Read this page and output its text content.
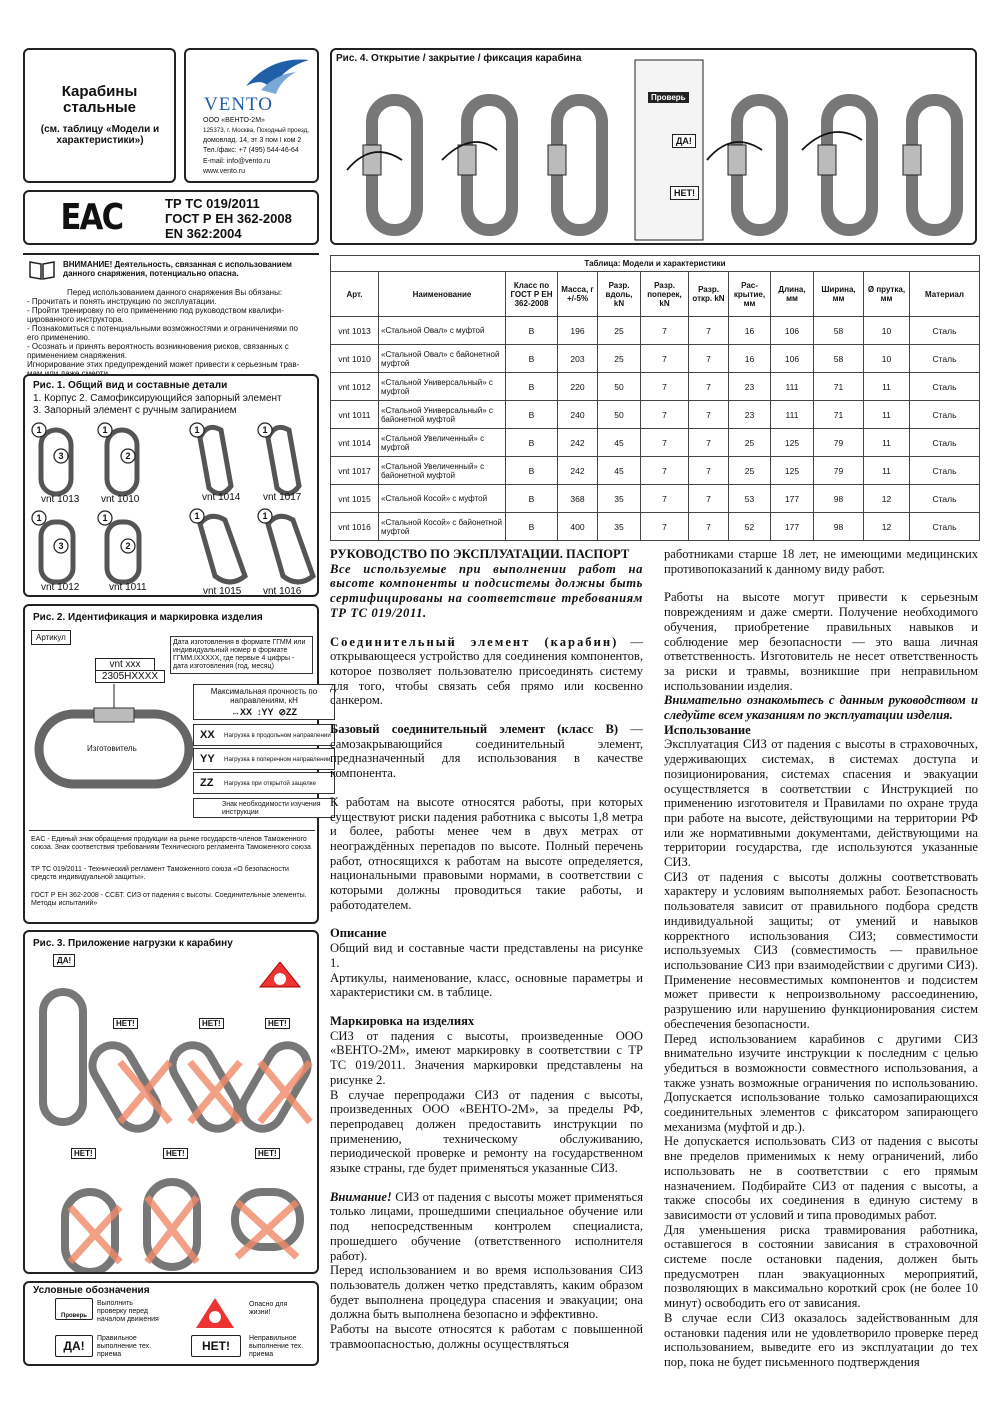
Карабины стальные
(см. таблицу «Модели и характеристики»)
VENTO
ООО «ВЕНТО-2М»
125373, г. Москва, Походный проезд,
домовлад. 14, эт 3 пом I ком 2
Тел./факс: +7 (495) 544-46-64
E-mail: info@vento.ru
www.vento.ru
EAC	ТР ТС 019/2011
ГОСТ Р ЕН 362-2008
EN 362:2004
ВНИМАНИЕ! Деятельность, связанная с использованием данного снаряжения, потенциально опасна.
Перед использованием данного снаряжения Вы обязаны:
- Прочитать и понять инструкцию по эксплуатации.
- Пройти тренировку по его применению под руководством квалифи-
цированного инструктора.
- Познакомиться с потенциальными возможностями и ограничениями по
его применению.
- Осознать и принять вероятность возникновения рисков, связанных с
применением снаряжения.
Игнорирование этих предупреждений может привести к серьезным трав-
Рис. 1. Общий вид и составные детали
1. Корпус 2. Самофиксирующийся запорный элемент
3. Запорный элемент с ручным запиранием
1
3
1
2
1	1
1
3
1
2
1	1
vnt 1013 vnt 1010	vnt 1014 vnt 1017
vnt 1012	vnt 1011	vnt 1015 vnt 1016
Рис. 2. Идентификация и маркировка изделия
Артикул
vnt xxx
2305HXXXX
Дата изготовления в формате ГГММ или индивидуальный номер в формате ГГММ.IXXXXX, где первые 4 цифры - дата изготовления (год, месяц)
Изготовитель
Максимальная прочность по направлениям, кН
↔XX  ↕YY  ⊘ZZ
XX Нагрузка в продольном направлении
YY Нагрузка в поперечном направлении
ZZ Нагрузка при открытой защелке
Знак необходимости изучения инструкции
EAC - Единый знак обращения продукции на рынке государств-членов Таможенного союза. Знак соответствия требованиям Технического регламента Таможенного союза
ТР ТС 019/2011 - Технический регламент Таможенного союза «О безопасности средств индивидуальной защиты».
ГОСТ Р ЕН 362-2008 - ССБТ. СИЗ от падения с высоты. Соединительные элементы. Методы испытаний»
Рис. 3. Приложение нагрузки к карабину
ДА!
НЕТ!	НЕТ!	НЕТ!
НЕТ!	НЕТ!	НЕТ!
Условные обозначения
Проверь
Выполнить проверку перед началом движения
Опасно для жизни!
ДА!
Правильное выполнение тех. приема
НЕТ!
Неправильное выполнение тех. приема
Рис. 4. Открытие / закрытие / фиксация карабина
Проверь
ДА!
НЕТ!
Таблица: Модели и характеристики											
Арт.	Наименование	Класс по ГОСТ Р ЕН 362-2008	Масса, г +/-5%	Разр. вдоль, kN	Разр. поперек, kN	Разр. откр. kN	Рас-крытие, мм	Длина, мм	Ширина, мм	Ø прутка, мм	Материал
vnt 1013	«Стальной Овал» с муфтой	B	196	25	7	7	16	106	58	10	Сталь
vnt 1010	«Стальной Овал» с байонетной муфтой	B	203	25	7	7	16	106	58	10	Сталь
vnt 1012	«Стальной Универсальный» с муфтой	B	220	50	7	7	23	111	71	11	Сталь
vnt 1011	«Стальной Универсальный» с байонетной муфтой	B	240	50	7	7	23	111	71	11	Сталь
vnt 1014	«Стальной Увеличенный» с муфтой	B	242	45	7	7	25	125	79	11	Сталь
vnt 1017	«Стальной Увеличенный» с байонетной муфтой	B	242	45	7	7	25	125	79	11	Сталь
vnt 1015	«Стальной Косой» с муфтой	B	368	35	7	7	53	177	98	12	Сталь
vnt 1016	«Стальной Косой» с байонетной муфтой	B	400	35	7	7	52	177	98	12	Сталь

РУКОВОДСТВО ПО ЭКСПЛУАТАЦИИ. ПАСПОРТ

Все используемые при выполнении работ на высоте компоненты и подсистемы должны быть сертифицированы на соответствие требованиям ТР ТС 019/2011.

Соединительный элемент (карабин) — открывающееся устройство для соединения компонентов, которое позволяет пользователю присоединять систему для того, чтобы связать себя прямо или косвенно санкером.

Базовый соединительный элемент (класс В) — самозакрывающийся соединительный элемент, предназначенный для использования в качестве компонента.

К работам на высоте относятся работы, при которых существуют риски падения работника с высоты 1,8 метра и более, работы менее чем в двух метрах от неограждённых перепадов по высоте. Полный перечень работ, относящихся к работам на высоте определяется, национальными правовыми нормами, в соответствии с которыми должны проводиться такие работы, и работодателем.

Описание

Общий вид и составные части представлены на рисунке 1.

Артикулы, наименование, класс, основные параметры и характеристики см. в таблице.

Маркировка на изделиях

СИЗ от падения с высоты, произведенные ООО «ВЕНТО-2М», имеют маркировку в соответствии с ТР ТС 019/2011. Значения маркировки представлены на рисунке 2.

В случае перепродажи СИЗ от падения с высоты, произведенных ООО «ВЕНТО-2М», за пределы РФ, перепродавец должен предоставить инструкции по применению, техническому обслуживанию, периодической проверке и ремонту на государственном языке страны, где будет применяться указанные СИЗ.

Внимание! СИЗ от падения с высоты может применяться только лицами, прошедшими специальное обучение или под непосредственным контролем специалиста, прошедшего обучение (ответственного исполнителя работ).

Перед использованием и во время использования СИЗ пользователь должен четко представлять, каким образом будет выполнена процедура спасения и эвакуации; она должна быть выполнена безопасно и эффективно.

Работы на высоте относятся к работам с повышенной травмоопасностью, должны осуществляться

работниками старше 18 лет, не имеющими медицинских противопоказаний к данному виду работ.

Работы на высоте могут привести к серьезным повреждениям и даже смерти. Получение необходимого обучения, приобретение правильных навыков и соблюдение мер безопасности — это ваша личная ответственность. Изготовитель не несет ответственность за риски и травмы, возникшие при неправильном использовании изделия.

Внимательно ознакомьтесь с данным руководством и следуйте всем указаниям по эксплуатации изделия.

Использование

Эксплуатация СИЗ от падения с высоты в страховочных, удерживающих системах, в системах доступа и позиционирования, системах спасения и эвакуации осуществляется в соответствии с Инструкцией по применению изготовителя и Правилами по охране труда при работе на высоте, действующими на территории РФ или же нормативными документами, действующими на территории государства, где используются указанные СИЗ.

СИЗ от падения с высоты должны соответствовать характеру и условиям выполняемых работ. Безопасность пользователя зависит от правильного подбора средств индивидуальной защиты; от умений и навыков корректного использования СИЗ; совместимости используемых СИЗ (совместимость — правильное использование СИЗ при взаимодействии с другими СИЗ). Применение несовместимых компонентов и подсистем может привести к непроизвольному рассоединению, разрушению или нарушению функционирования систем обеспечения безопасности.

Перед использованием карабинов с другими СИЗ внимательно изучите инструкции к последним с целью убедиться в возможности совместного использования, а также узнать возможные ограничения по использованию. Допускается использование только самозапирающихся соединительных элементов с фиксатором запирающего механизма (муфтой и др.).

Не допускается использовать СИЗ от падения с высоты вне пределов применимых к нему ограничений, либо использовать не в соответствии с его прямым назначением. Подбирайте СИЗ от падения с высоты, а также способы их соединения в единую систему в зависимости от условий и типа проводимых работ.

Для уменьшения риска травмирования работника, оставшегося в состоянии зависания в страховочной системе после остановки падения, должен быть предусмотрен план эвакуационных мероприятий, позволяющих в максимально короткий срок (не более 10 минут) освободить его от зависания.

В случае если СИЗ оказалось задействованным для остановки падения или не удовлетворило проверке перед использованием, выведите его из эксплуатации до тех пор, пока не будет письменного подтверждения
